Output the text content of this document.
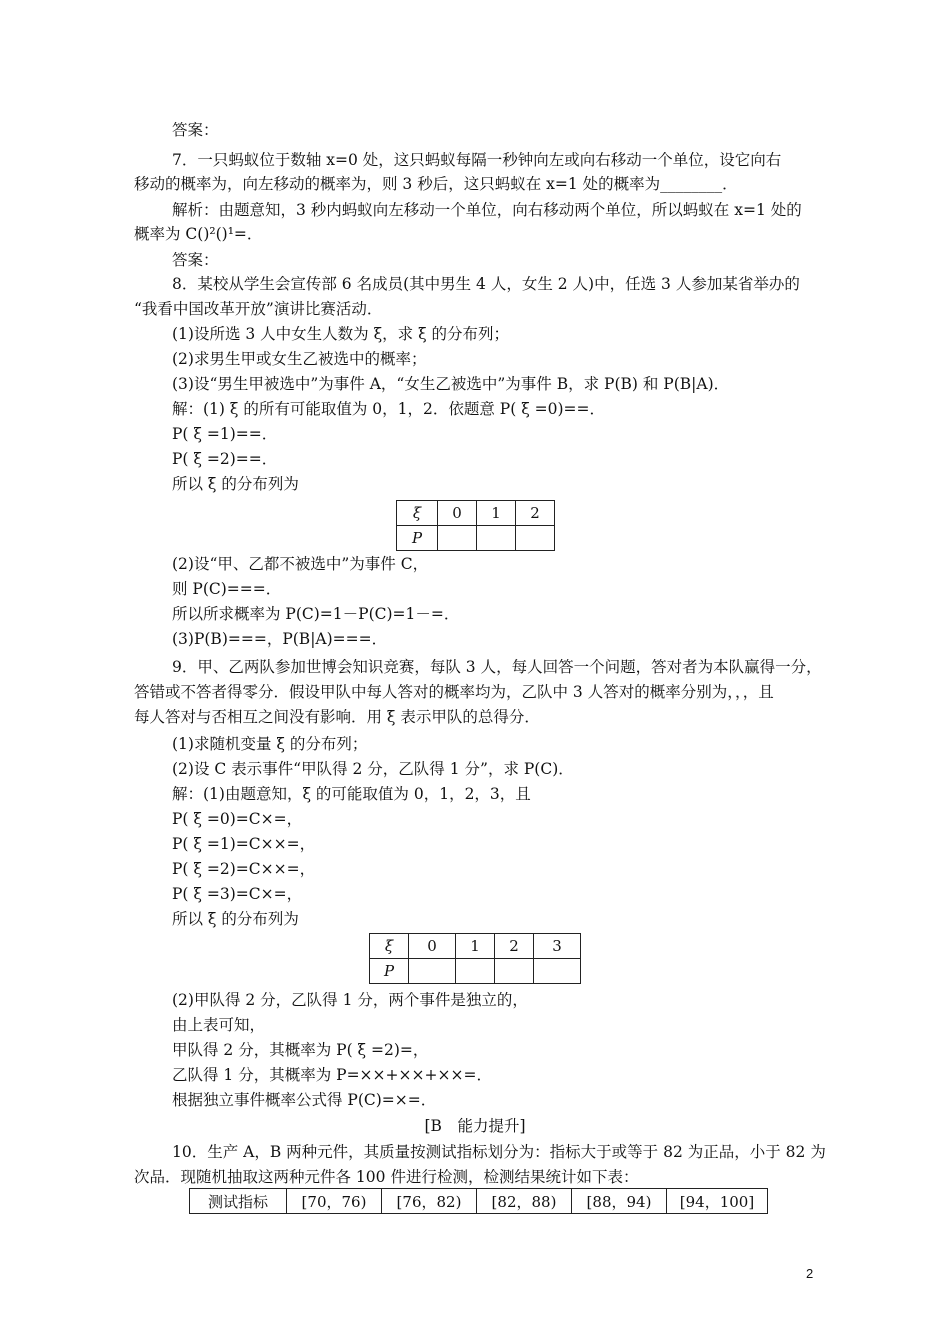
答案：
7．一只蚂蚁位于数轴 x=0 处，这只蚂蚁每隔一秒钟向左或向右移动一个单位，设它向右
移动的概率为，向左移动的概率为，则 3 秒后，这只蚂蚁在 x=1 处的概率为________．
解析：由题意知，3 秒内蚂蚁向左移动一个单位，向右移动两个单位，所以蚂蚁在 x=1 处的
概率为 C()²()¹=．
答案：
8．某校从学生会宣传部 6 名成员(其中男生 4 人，女生 2 人)中，任选 3 人参加某省举办的
“我看中国改革开放”演讲比赛活动．
(1)设所选 3 人中女生人数为 ξ，求 ξ 的分布列；
(2)求男生甲或女生乙被选中的概率；
(3)设“男生甲被选中”为事件 A，“女生乙被选中”为事件 B，求 P(B) 和 P(B|A)．
解：(1) ξ 的所有可能取值为 0，1，2．依题意 P( ξ =0)==．
P( ξ =1)==．
P( ξ =2)==．
所以 ξ 的分布列为
(2)设“甲、乙都不被选中”为事件 C，
则 P(C)===．
所以所求概率为 P(C)=1－P(C)=1－=．
(3)P(B)===，P(B|A)===．
9．甲、乙两队参加世博会知识竞赛，每队 3 人，每人回答一个问题，答对者为本队赢得一分，
答错或不答者得零分．假设甲队中每人答对的概率均为，乙队中 3 人答对的概率分别为，，，且
每人答对与否相互之间没有影响．用 ξ 表示甲队的总得分．
(1)求随机变量 ξ 的分布列；
(2)设 C 表示事件“甲队得 2 分，乙队得 1 分”，求 P(C)．
解：(1)由题意知，ξ 的可能取值为 0，1，2，3，且
P( ξ =0)=C×=，
P( ξ =1)=C××=，
P( ξ =2)=C××=，
P( ξ =3)=C×=，
所以 ξ 的分布列为
(2)甲队得 2 分，乙队得 1 分，两个事件是独立的，
由上表可知，
甲队得 2 分，其概率为 P( ξ =2)=，
乙队得 1 分，其概率为 P=××+××+××=．
根据独立事件概率公式得 P(C)=×=．
10．生产 A，B 两种元件，其质量按测试指标划分为：指标大于或等于 82 为正品，小于 82 为
次品．现随机抽取这两种元件各 100 件进行检测，检测结果统计如下表：
ξ	0	1	2
P			
ξ	0	1	2	3
P				
[B　能力提升]
测试指标	[70，76)	[76，82)	[82，88)	[88，94)	[94，100]
2
